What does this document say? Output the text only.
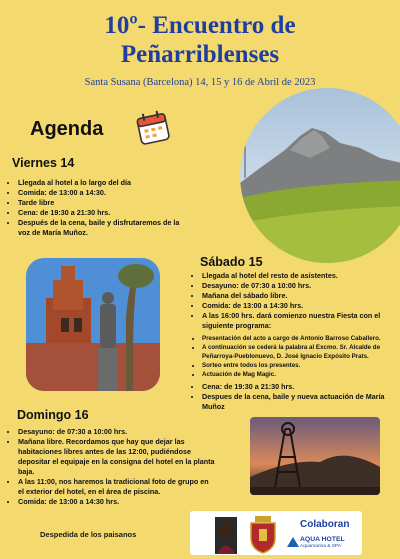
10º- Encuentro de
Peñarriblenses
Santa Susana (Barcelona) 14, 15 y 16 de Abril de 2023
Agenda
Viernes 14
• Llegada al hotel a lo largo del día
• Comida: de 13:00 a 14:30.
• Tarde libre
• Cena: de 19:30 a 21:30 hrs.
• Después de la cena, baile y disfrutaremos de la voz de María Muñoz.
Sábado 15
• Llegada al hotel del resto de asistentes.
• Desayuno: de 07:30 a 10:00 hrs.
• Mañana del sábado libre.
• Comida: de 13:00 a 14:30 hrs.
• A las 16:00 hrs. dará comienzo nuestra Fiesta con el siguiente programa:
• Presentación del acto a cargo de Antonio Barroso Caballero.
• A continuación se cederá la palabra al Excmo. Sr. Alcalde de Peñarroya-Pueblonuevo, D. José Ignacio Expósito Prats.
• Sorteo entre todos los presentes.
• Actuación de Mag Magic.
• Cena: de 19:30 a 21:30 hrs.
• Despues de la cena, baile y nueva actuación de María Muñoz
Domingo 16
• Desayuno: de 07:30 a 10:00 hrs.
• Mañana libre. Recordamos que hay que dejar las habitaciones libres antes de las 12:00, pudiéndose depositar el equipaje en la consigna del hotel en la planta baja.
• A las 11:00, nos haremos la tradicional foto de grupo en el exterior del hotel, en el área de piscina.
• Comida: de 13:00 a 14:30 hrs.
Despedida de los paisanos
Colaboran
AQUA HOTEL
Aquamarina & SPA
